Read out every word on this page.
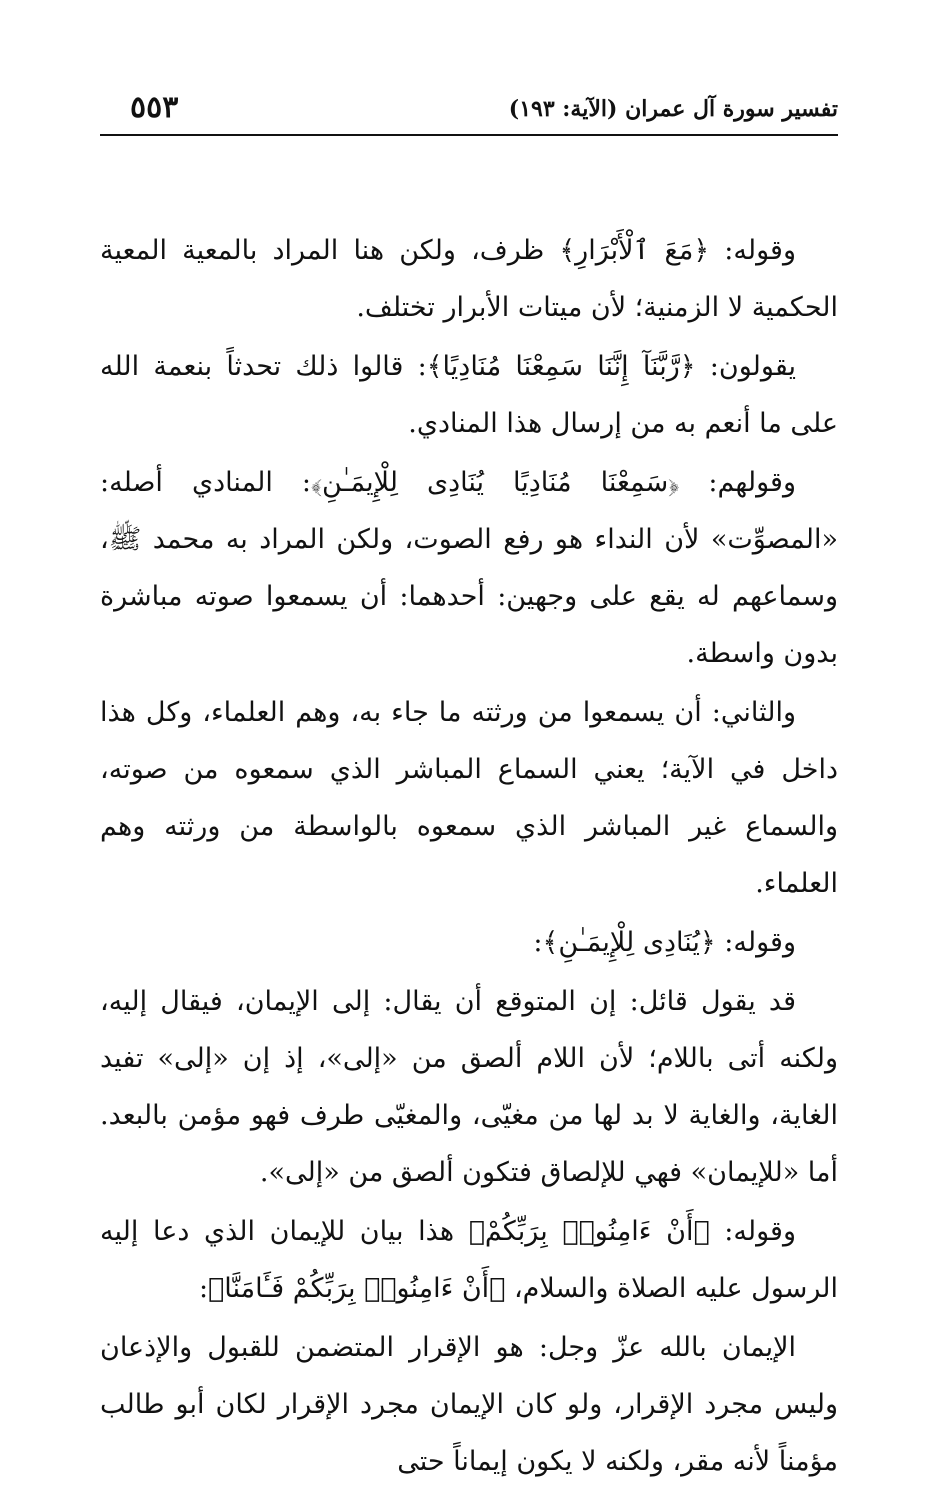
تفسير سورة آل عمران (الآية: ١٩٣)
٥٥٣

وقوله: ﴿مَعَ ٱلْأَبْرَارِ﴾ ظرف، ولكن هنا المراد بالمعية المعية الحكمية لا الزمنية؛ لأن ميتات الأبرار تختلف.

يقولون: ﴿رَّبَّنَآ إِنَّنَا سَمِعْنَا مُنَادِيًا﴾: قالوا ذلك تحدثاً بنعمة الله على ما أنعم به من إرسال هذا المنادي.

وقولهم: ﴿سَمِعْنَا مُنَادِيًا يُنَادِى لِلْإِيمَـٰنِ﴾: المنادي أصله: «المصوِّت» لأن النداء هو رفع الصوت، ولكن المراد به محمد ﷺ، وسماعهم له يقع على وجهين: أحدهما: أن يسمعوا صوته مباشرة بدون واسطة.

والثاني: أن يسمعوا من ورثته ما جاء به، وهم العلماء، وكل هذا داخل في الآية؛ يعني السماع المباشر الذي سمعوه من صوته، والسماع غير المباشر الذي سمعوه بالواسطة من ورثته وهم العلماء.

وقوله: ﴿يُنَادِى لِلْإِيمَـٰنِ﴾:

قد يقول قائل: إن المتوقع أن يقال: إلى الإيمان، فيقال إليه، ولكنه أتى باللام؛ لأن اللام ألصق من «إلى»، إذ إن «إلى» تفيد الغاية، والغاية لا بد لها من مغيّى، والمغيّى طرف فهو مؤمن بالبعد. أما «للإيمان» فهي للإلصاق فتكون ألصق من «إلى».

وقوله: ﴿أَنْ ءَامِنُوا۟ بِرَبِّكُمْ﴾ هذا بيان للإيمان الذي دعا إليه الرسول عليه الصلاة والسلام، ﴿أَنْ ءَامِنُوا۟ بِرَبِّكُمْ فَـَٔامَنَّا﴾:

الإيمان بالله عزّ وجل: هو الإقرار المتضمن للقبول والإذعان وليس مجرد الإقرار، ولو كان الإيمان مجرد الإقرار لكان أبو طالب مؤمناً لأنه مقر، ولكنه لا يكون إيماناً حتى
